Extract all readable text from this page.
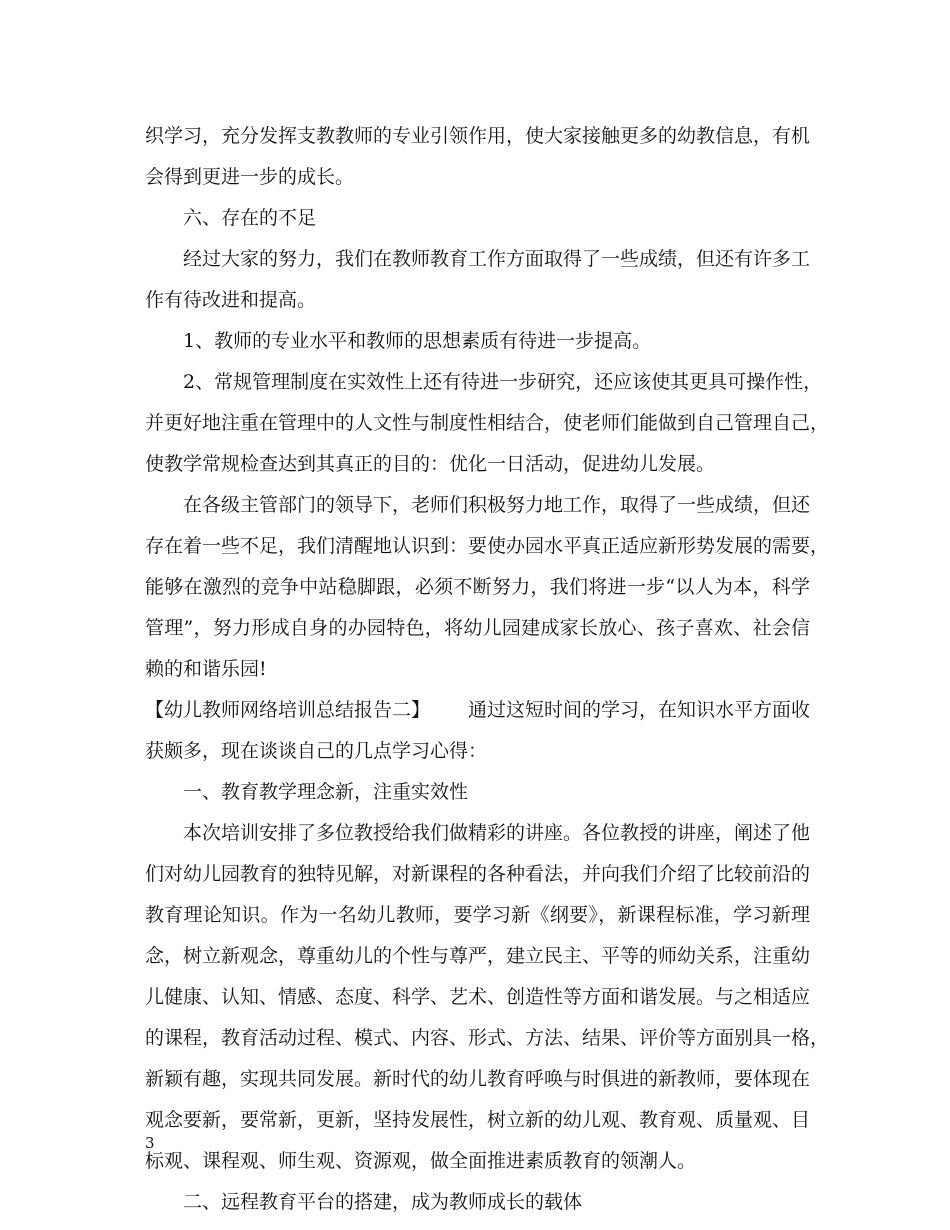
织学习，充分发挥支教教师的专业引领作用，使大家接触更多的幼教信息，有机
会得到更进一步的成长。
六、存在的不足
经过大家的努力，我们在教师教育工作方面取得了一些成绩，但还有许多工
作有待改进和提高。
1、教师的专业水平和教师的思想素质有待进一步提高。
2、常规管理制度在实效性上还有待进一步研究，还应该使其更具可操作性，
并更好地注重在管理中的人文性与制度性相结合，使老师们能做到自己管理自己，
使教学常规检查达到其真正的目的：优化一日活动，促进幼儿发展。
在各级主管部门的领导下，老师们积极努力地工作，取得了一些成绩，但还
存在着一些不足，我们清醒地认识到：要使办园水平真正适应新形势发展的需要，
能够在激烈的竞争中站稳脚跟，必须不断努力，我们将进一步“以人为本，科学
管理”，努力形成自身的办园特色，将幼儿园建成家长放心、孩子喜欢、社会信
赖的和谐乐园!
【幼儿教师网络培训总结报告二】 通过这短时间的学习，在知识水平方面收
获颇多，现在谈谈自己的几点学习心得：
一、教育教学理念新，注重实效性
本次培训安排了多位教授给我们做精彩的讲座。各位教授的讲座，阐述了他
们对幼儿园教育的独特见解，对新课程的各种看法，并向我们介绍了比较前沿的
教育理论知识。作为一名幼儿教师，要学习新《纲要》，新课程标准，学习新理
念，树立新观念，尊重幼儿的个性与尊严，建立民主、平等的师幼关系，注重幼
儿健康、认知、情感、态度、科学、艺术、创造性等方面和谐发展。与之相适应
的课程，教育活动过程、模式、内容、形式、方法、结果、评价等方面别具一格，
新颖有趣，实现共同发展。新时代的幼儿教育呼唤与时俱进的新教师，要体现在
观念要新，要常新，更新，坚持发展性，树立新的幼儿观、教育观、质量观、目
标观、课程观、师生观、资源观，做全面推进素质教育的领潮人。
二、远程教育平台的搭建，成为教师成长的载体
3
